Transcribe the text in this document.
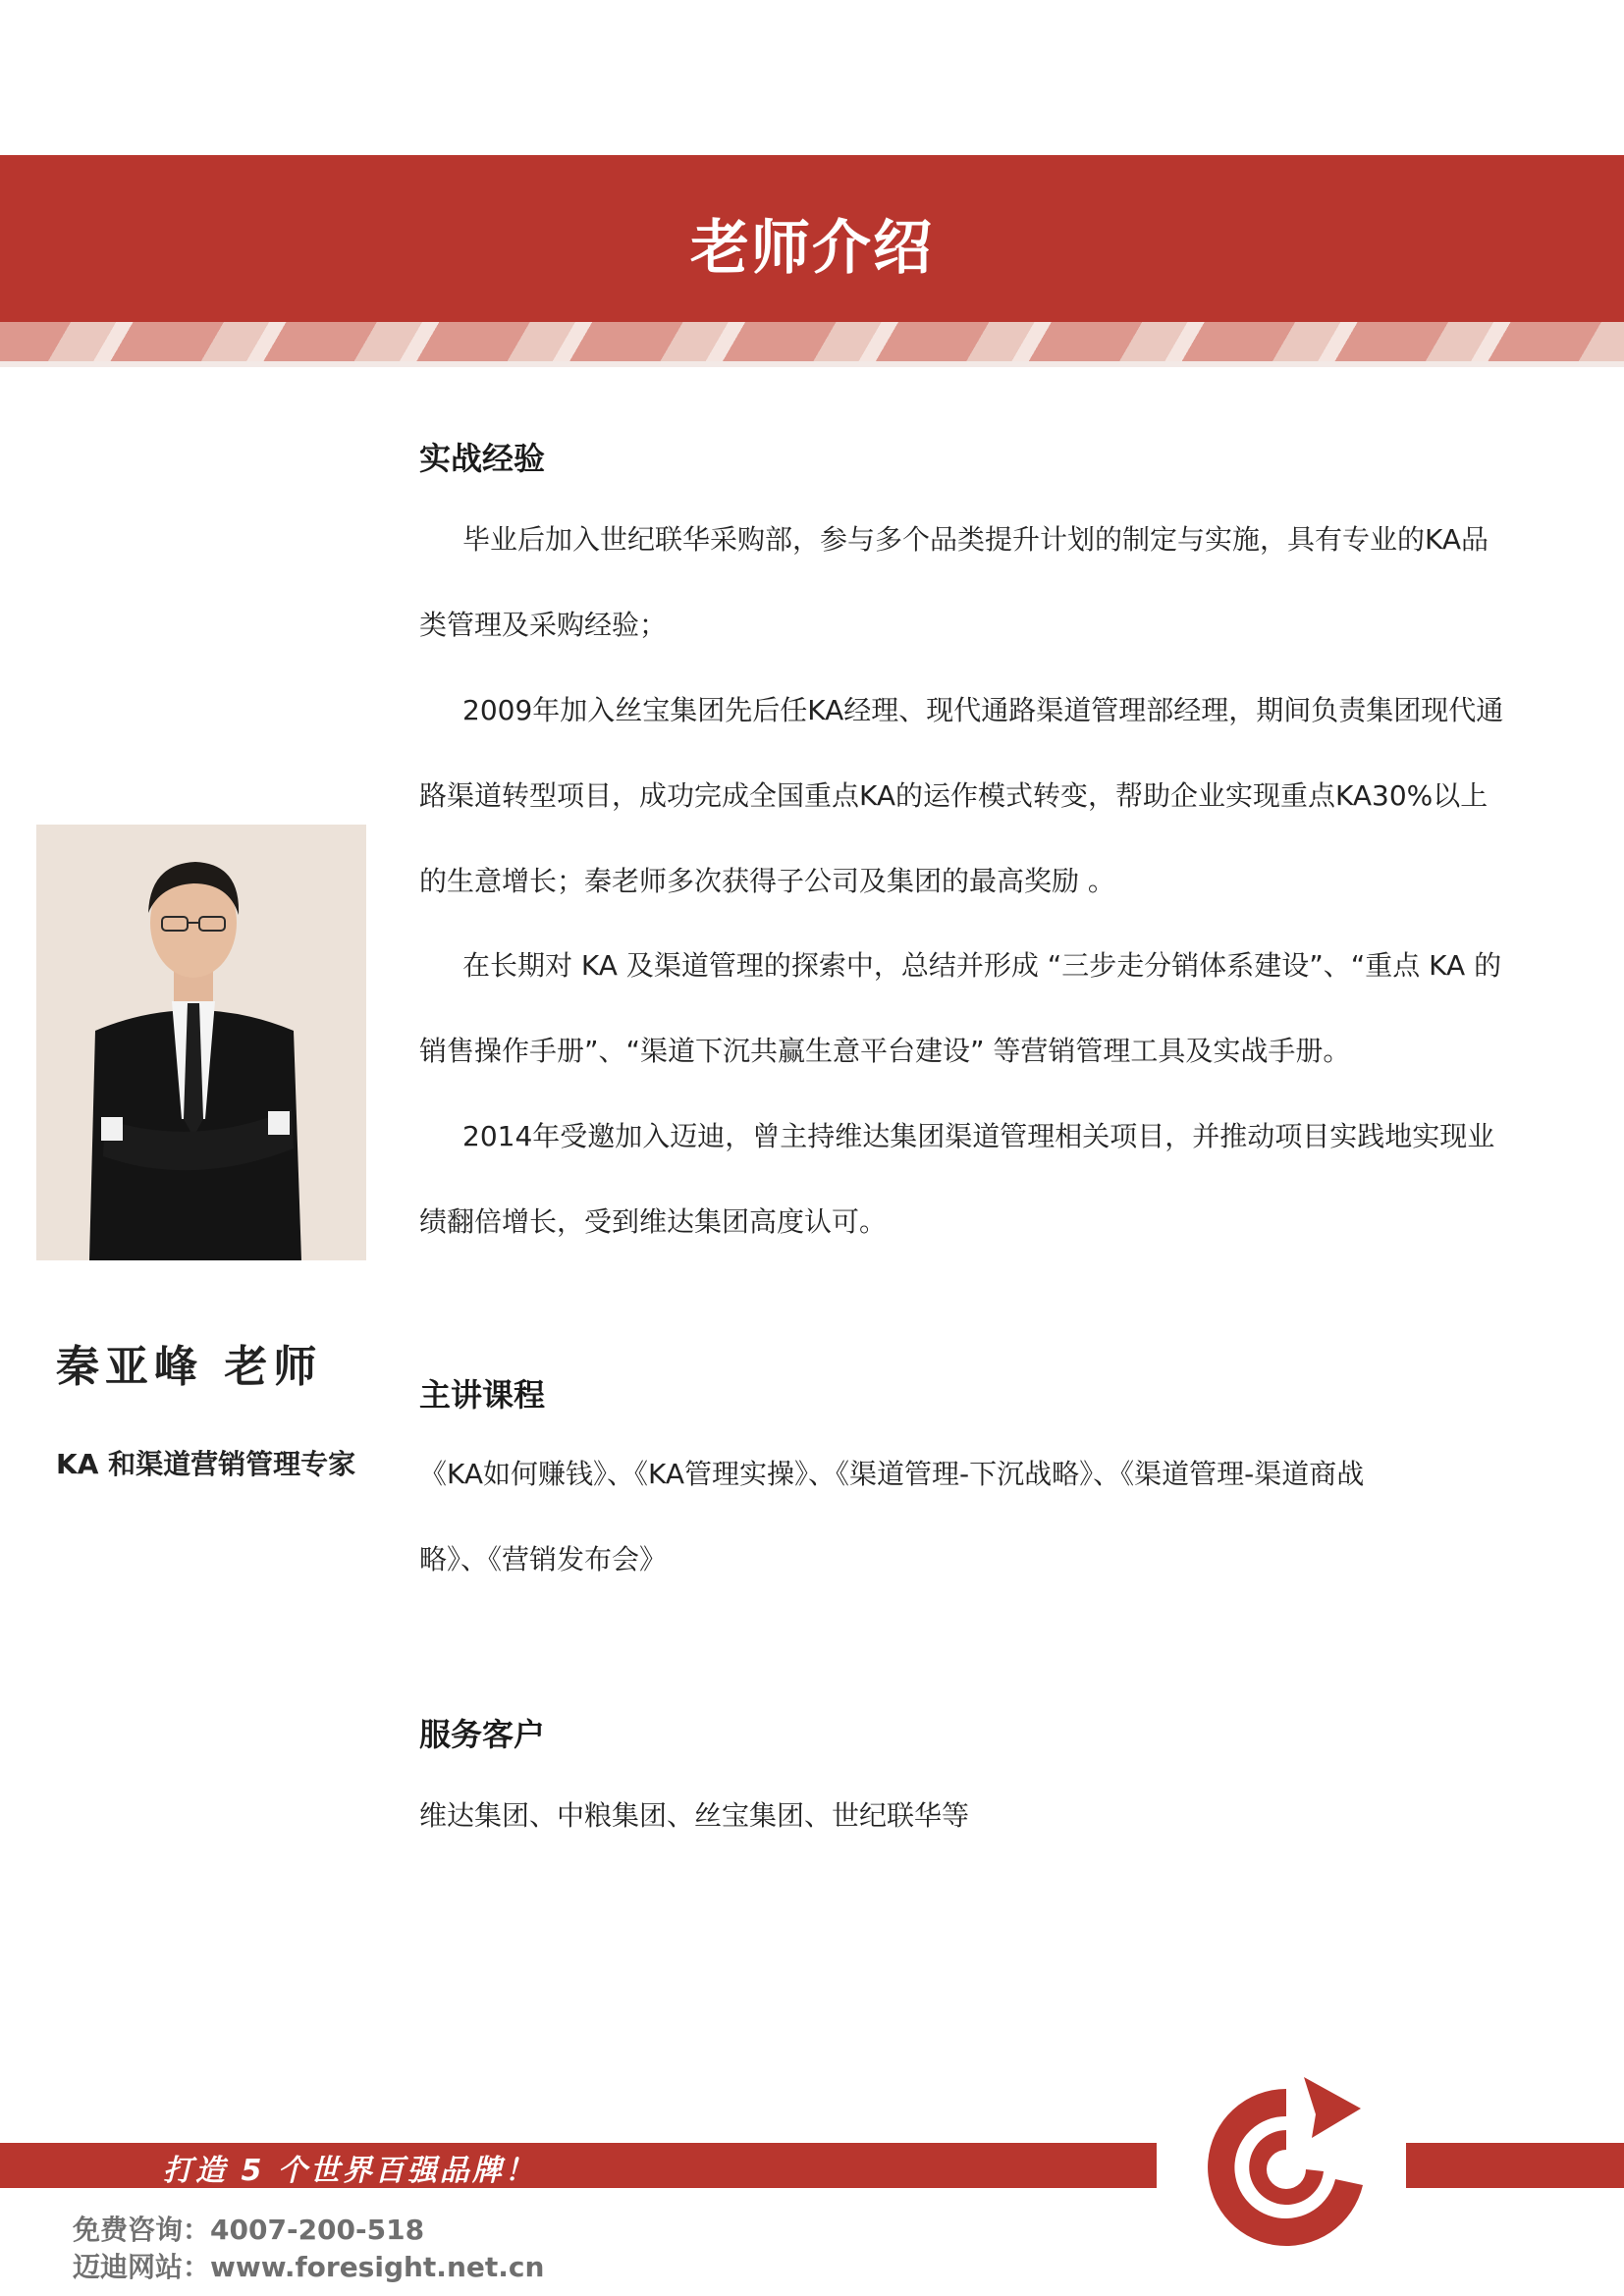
老师介绍
秦亚峰 老师
KA 和渠道营销管理专家
实战经验
毕业后加入世纪联华采购部，参与多个品类提升计划的制定与实施，具有专业的KA品类管理及采购经验；
2009年加入丝宝集团先后任KA经理、现代通路渠道管理部经理，期间负责集团现代通路渠道转型项目，成功完成全国重点KA的运作模式转变，帮助企业实现重点KA30%以上的生意增长；秦老师多次获得子公司及集团的最高奖励 。
在长期对 KA 及渠道管理的探索中，总结并形成 “三步走分销体系建设”、“重点 KA 的销售操作手册”、“渠道下沉共赢生意平台建设” 等营销管理工具及实战手册。
2014年受邀加入迈迪，曾主持维达集团渠道管理相关项目，并推动项目实践地实现业绩翻倍增长，受到维达集团高度认可。
主讲课程
《KA如何赚钱》、《KA管理实操》、《渠道管理-下沉战略》、《渠道管理-渠道商战略》、《营销发布会》
服务客户
维达集团、中粮集团、丝宝集团、世纪联华等
打造 5 个世界百强品牌！
免费咨询：4007-200-518
迈迪网站：www.foresight.net.cn
